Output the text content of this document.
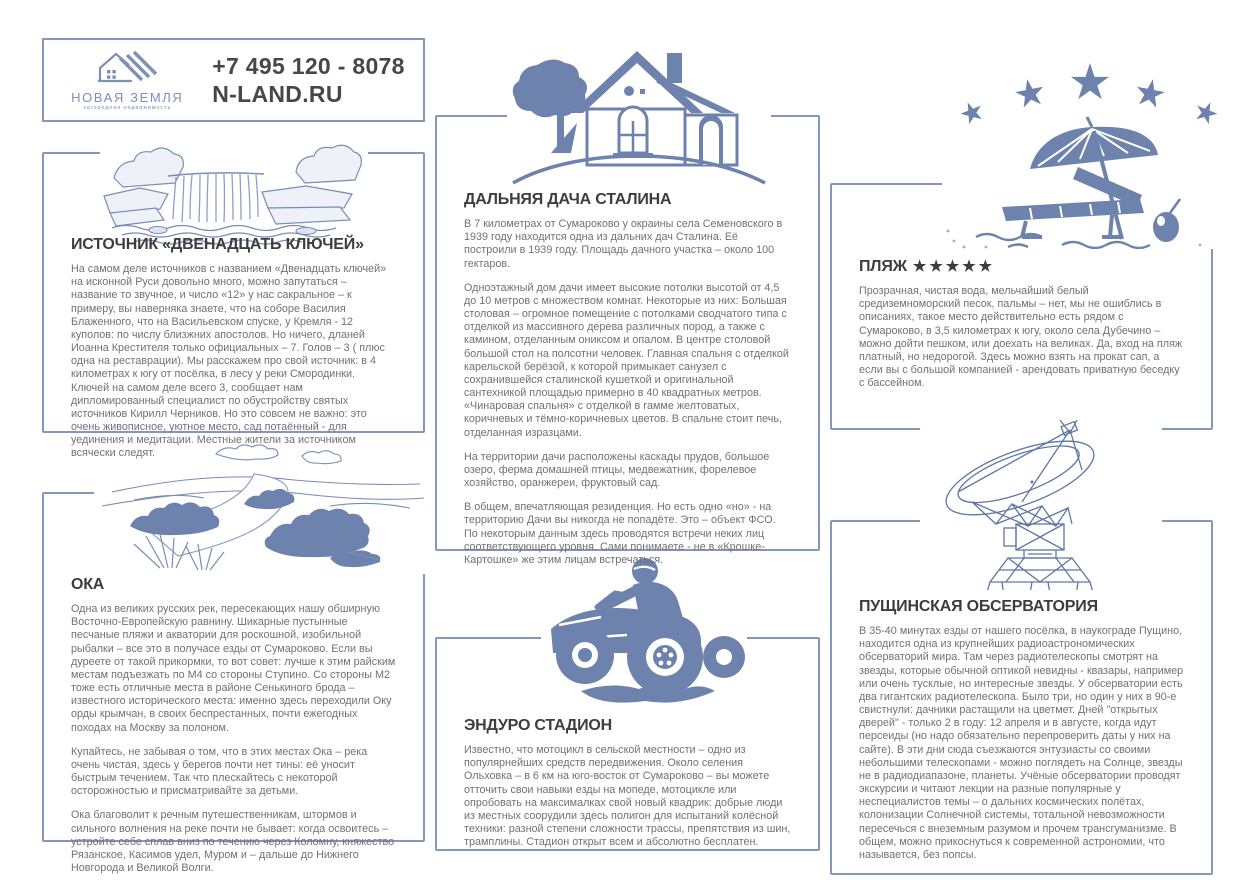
НОВАЯ ЗЕМЛЯ
загородная недвижимость
+7 495 120 - 8078
N-LAND.RU
ИСТОЧНИК «ДВЕНАДЦАТЬ КЛЮЧЕЙ»

На самом деле источников с названием «Двенадцать ключей» на исконной Руси довольно много, можно запутаться – название то звучное, и число «12» у нас сакральное – к примеру, вы наверняка знаете, что на соборе Василия Блаженного, что на Васильевском спуске, у Кремля - 12 куполов: по числу близжних апостолов. Но ничего, дланей Иоанна Крестителя только официальных – 7. Голов – 3 ( плюс одна на реставрации). Мы расскажем про свой источник: в 4 километрах к югу от посёлка, в лесу у реки Смородинки. Ключей на самом деле всего 3, сообщает нам дипломированный специалист по обустройству святых источников Кирилл Черников. Но это совсем не важно: это очень живописное, уютное место, сад потаённый - для уединения и медитации. Местные жители за источником всячески следят.

ОКА

Одна из великих русских рек, пересекающих нашу обширную Восточно-Европейскую равнину. Шикарные пустынные песчаные пляжи и акватории для роскошной, изобильной рыбалки – все это в получасе езды от Сумароково. Если вы дуреете от такой прикормки, то вот совет: лучше к этим райским местам подъезжать по М4 со стороны Ступино. Со стороны М2 тоже есть отличные места в районе Сенькиного брода – известного исторического места: именно здесь переходили Оку орды крымчан, в своих беспрестанных, почти ежегодных походах на Москву за полоном.

Купайтесь, не забывая о том, что в этих местах Ока – река очень чистая, здесь у берегов почти нет тины: её уносит быстрым течением. Так что плескайтесь с некоторой осторожностью и присматривайте за детьми.

Ока благоволит к речным путешественникам, штормов и сильного волнения на реке почти не бывает: когда освоитесь – устройте себе сплав вниз по течению через Коломну, княжество Рязанское, Касимов удел, Муром и – дальше до Нижнего Новгорода и Великой Волги.

ДАЛЬНЯЯ ДАЧА СТАЛИНА

В 7 километрах от Сумароково у окраины села Семеновского в 1939 году находится одна из дальних дач Сталина. Её построили в 1939 году. Площадь дачного участка – около 100 гектаров.

Одноэтажный дом дачи имеет высокие потолки высотой от 4,5 до 10 метров с множеством комнат. Некоторые из них: Большая столовая – огромное помещение с потолками сводчатого типа с отделкой из массивного дерева различных пород, а также с камином, отделанным ониксом и опалом. В центре столовой большой стол на полсотни человек. Главная спальня с отделкой карельской берёзой, к которой примыкает санузел с сохранившейся сталинской кушеткой и оригинальной сантехникой площадью примерно в 40 квадратных метров. «Чинаровая спальня» с отделкой в гамме желтоватых, коричневых и тёмно-коричневых цветов. В спальне стоит печь, отделанная изразцами.

На территории дачи расположены каскады прудов, большое озеро, ферма домашней птицы, медвежатник, форелевое хозяйство, оранжереи, фруктовый сад.

В общем, впечатляющая резиденция. Но есть одно «но» - на территорию Дачи вы никогда не попадёте. Это – объект ФСО. По некоторым данным здесь проводятся встречи неких лиц соответствующего уровня. Сами понимаете - не в «Крошке-Картошке» же этим лицам встречаться.

ЭНДУРО СТАДИОН

Известно, что мотоцикл в сельской местности – одно из популярнейших средств передвижения. Около селения Ольховка – в 6 км на юго-восток от Сумароково – вы можете отточить свои навыки езды на мопеде, мотоцикле или опробовать на максималках свой новый квадрик: добрые люди из местных соорудили здесь полигон для испытаний колёсной техники: разной степени сложности трассы, препятствия из шин, трамплины. Стадион открыт всем и абсолютно бесплатен.

ПЛЯЖ ★★★★★

Прозрачная, чистая вода, мельчайший белый средиземноморский песок, пальмы – нет, мы не ошиблись в описаниях, такое место действительно есть рядом с Сумароково, в 3,5 километрах к югу, около села Дубечино – можно дойти пешком, или доехать на великах. Да, вход на пляж платный, но недорогой. Здесь можно взять на прокат сап, а если вы с большой компанией - арендовать приватную беседку с бассейном.

ПУЩИНСКАЯ ОБСЕРВАТОРИЯ

В 35-40 минутах езды от нашего посёлка, в наукограде Пущино, находится одна из крупнейших радиоастрономических обсерваторий мира. Там через радиотелескопы смотрят на звезды, которые обычной оптикой невидны - квазары, например или очень тусклые, но интересные звезды. У обсерватории есть два гигантских радиотелескопа. Было три, но один у них в 90-е свистнули: дачники растащили на цветмет. Дней "открытых дверей" - только 2 в году: 12 апреля и в августе, когда идут персеиды (но надо обязательно перепроверить даты у них на сайте). В эти дни сюда съезжаются энтузиасты со своими небольшими телескопами - можно поглядеть на Солнце, звезды не в радиодиапазоне, планеты. Учёные обсерватории проводят экскурсии и читают лекции на разные популярные у неспециалистов темы – о дальних космических полётах, колонизации Солнечной системы, тотальной невозможности пересечься с внеземным разумом и прочем трансгуманизме. В общем, можно прикоснуться к современной астрономии, что называется, без попсы.
